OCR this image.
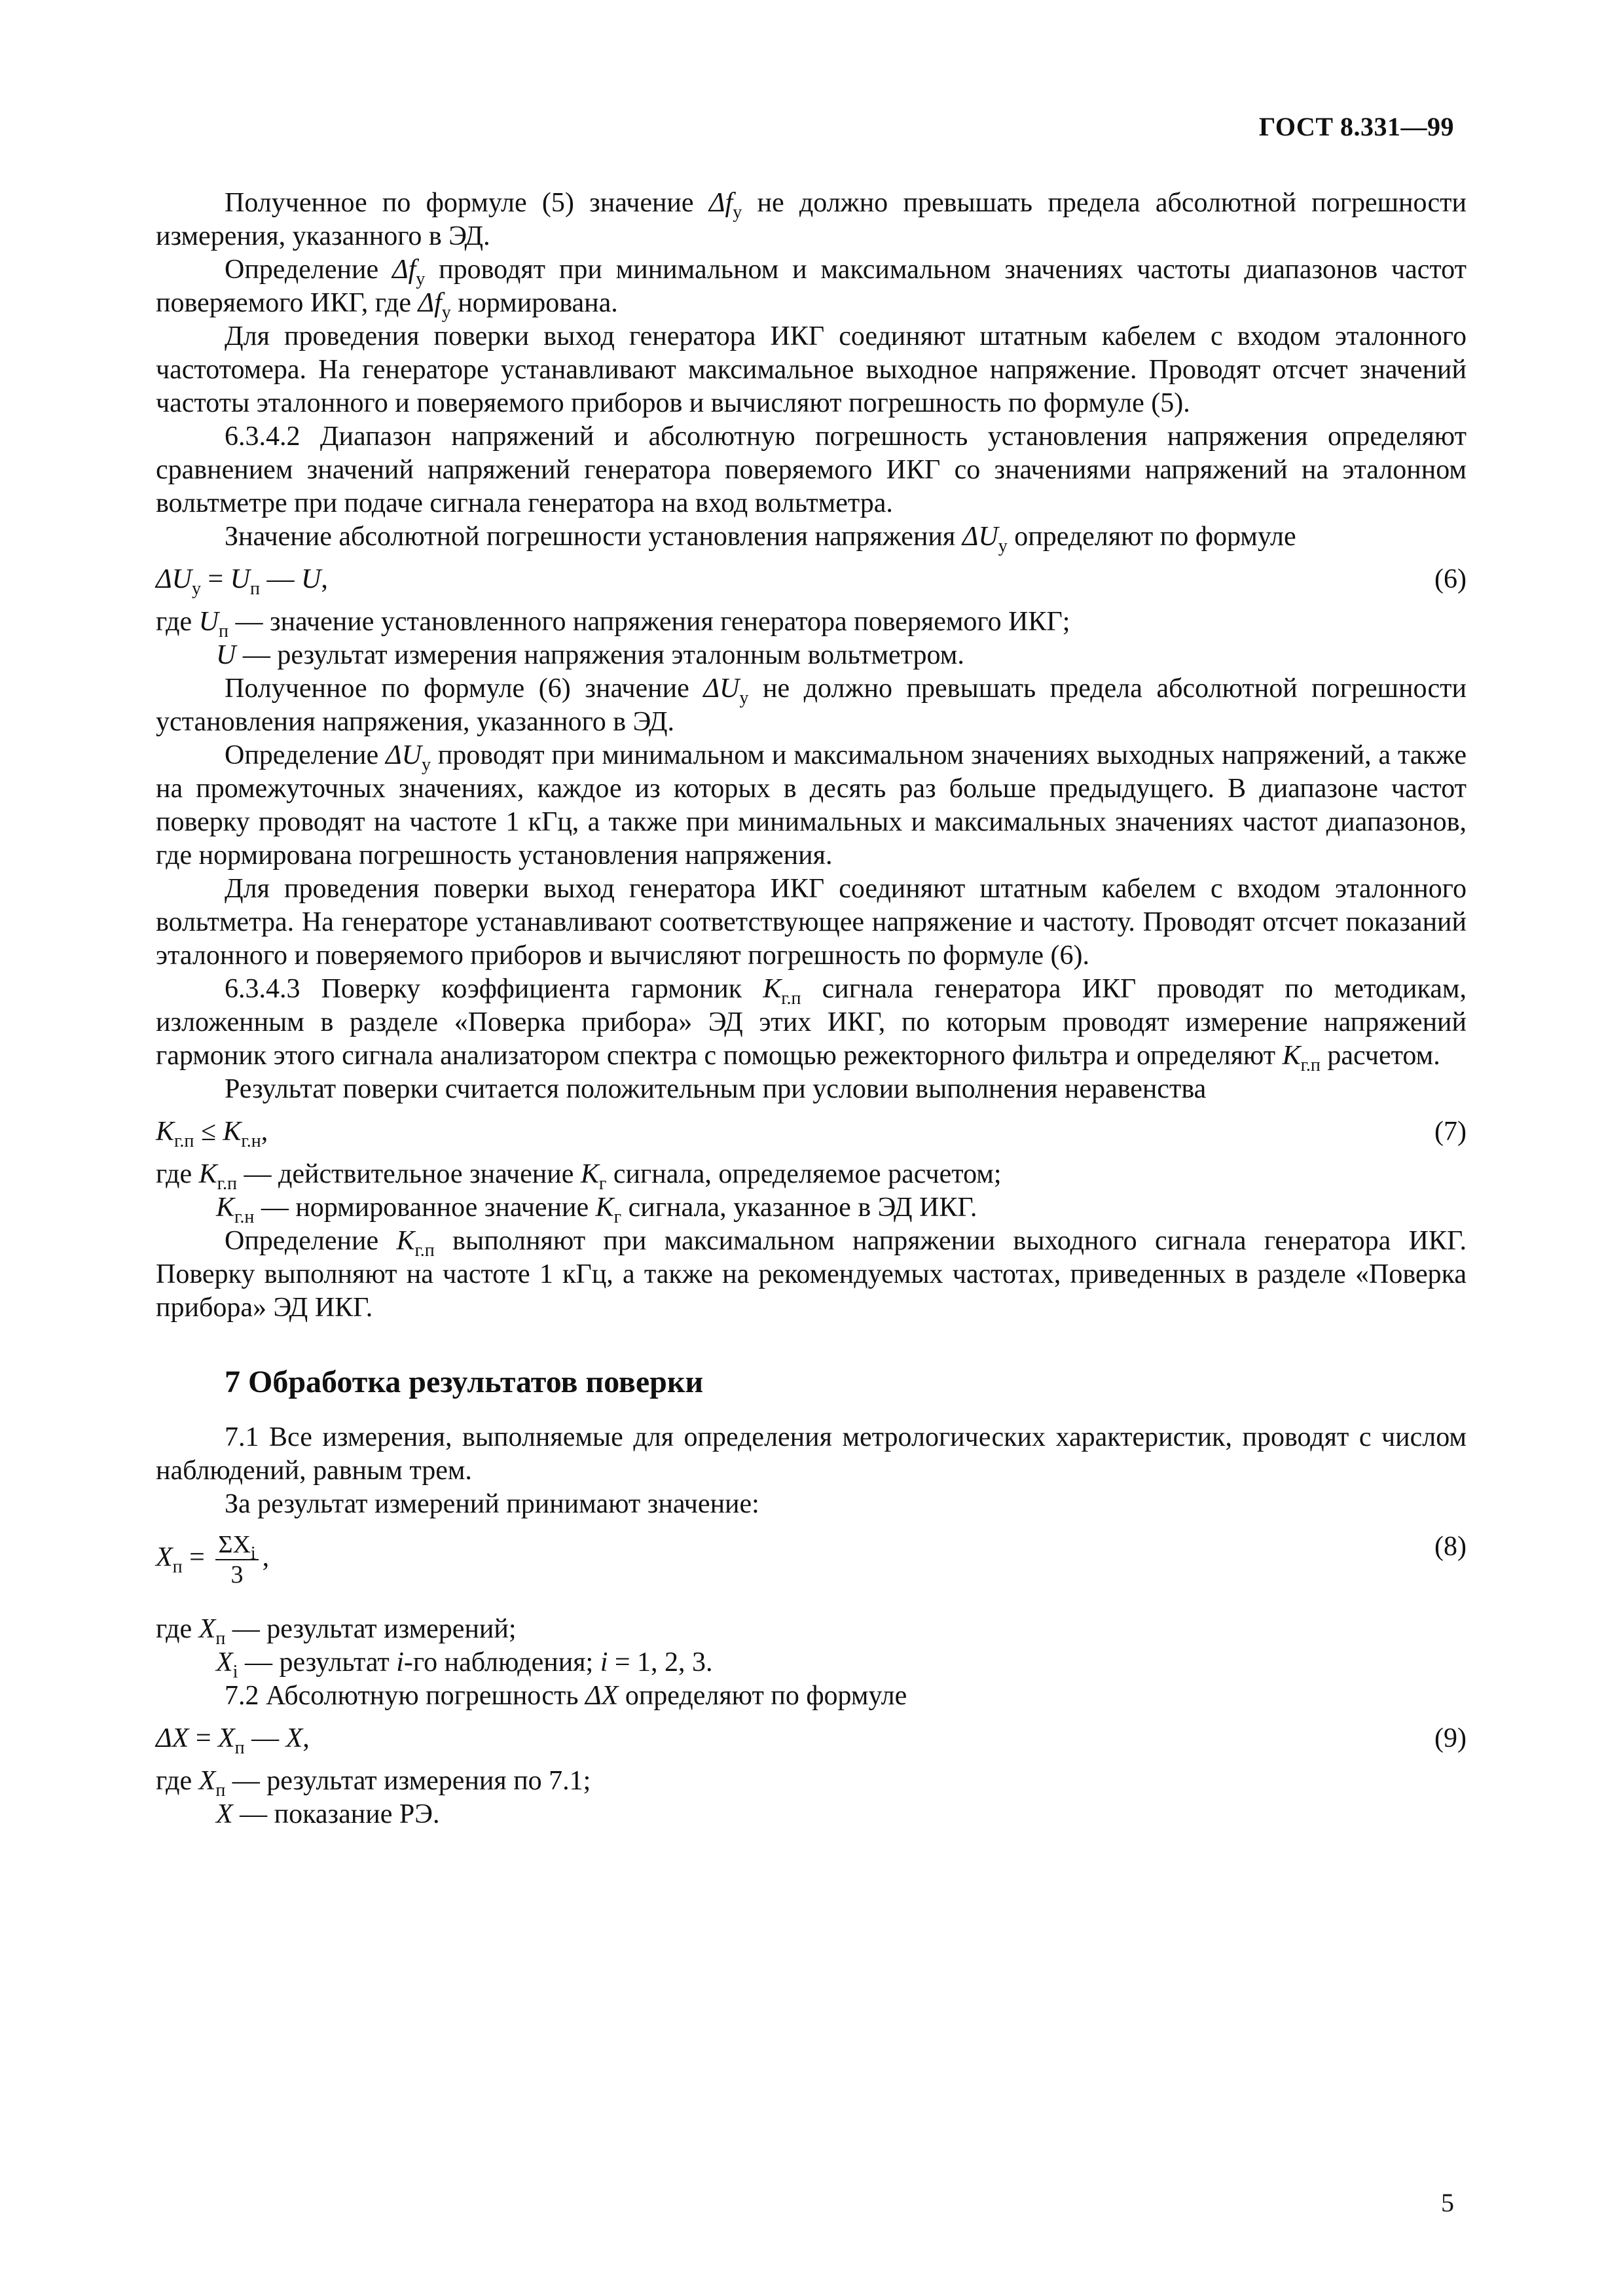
ГОСТ 8.331—99

Полученное по формуле (5) значение $\Delta f_у$ не должно превышать предела абсолютной погрешности измерения, указанного в ЭД.

Определение $\Delta f_у$ проводят при минимальном и максимальном значениях частоты диапазонов частот поверяемого ИКГ, где $\Delta f_у$ нормирована.

Для проведения поверки выход генератора ИКГ соединяют штатным кабелем с входом эталонного частотомера. На генераторе устанавливают максимальное выходное напряжение. Проводят отсчет значений частоты эталонного и поверяемого приборов и вычисляют погрешность по формуле (5).

6.3.4.2 Диапазон напряжений и абсолютную погрешность установления напряжения определяют сравнением значений напряжений генератора поверяемого ИКГ со значениями напряжений на эталонном вольтметре при подаче сигнала генератора на вход вольтметра.

Значение абсолютной погрешности установления напряжения $\Delta U_у$ определяют по формуле

$\Delta U_у = U_п$ — U,	(6)

где $U_п$ — значение установленного напряжения генератора поверяемого ИКГ;

U — результат измерения напряжения эталонным вольтметром.

Полученное по формуле (6) значение $\Delta U_у$ не должно превышать предела абсолютной погрешности установления напряжения, указанного в ЭД.

Определение $\Delta U_у$ проводят при минимальном и максимальном значениях выходных напряжений, а также на промежуточных значениях, каждое из которых в десять раз больше предыдущего. В диапазоне частот поверку проводят на частоте 1 кГц, а также при минимальных и максимальных значениях частот диапазонов, где нормирована погрешность установления напряжения.

Для проведения поверки выход генератора ИКГ соединяют штатным кабелем с входом эталонного вольтметра. На генераторе устанавливают соответствующее напряжение и частоту. Проводят отсчет показаний эталонного и поверяемого приборов и вычисляют погрешность по формуле (6).

6.3.4.3 Поверку коэффициента гармоник $K_{г.п}$ сигнала генератора ИКГ проводят по методикам, изложенным в разделе «Поверка прибора» ЭД этих ИКГ, по которым проводят измерение напряжений гармоник этого сигнала анализатором спектра с помощью режекторного фильтра и определяют $K_{г.п}$ расчетом.

Результат поверки считается положительным при условии выполнения неравенства

$K_{г.п} \le K_{г.н}$,	(7)

где $K_{г.п}$ — действительное значение $K_г$ сигнала, определяемое расчетом;

$K_{г.н}$ — нормированное значение $K_г$ сигнала, указанное в ЭД ИКГ.

Определение $K_{г.п}$ выполняют при максимальном напряжении выходного сигнала генератора ИКГ. Поверку выполняют на частоте 1 кГц, а также на рекомендуемых частотах, приведенных в разделе «Поверка прибора» ЭД ИКГ.

7 Обработка результатов поверки

7.1 Все измерения, выполняемые для определения метрологических характеристик, проводят с числом наблюдений, равным трем.

За результат измерений принимают значение:

$X_п = \frac{\Sigma X_i}{3}$ ,	(8)

где $X_п$ — результат измерений;

$X_i$ — результат i-го наблюдения; i = 1, 2, 3.

7.2 Абсолютную погрешность ΔX определяют по формуле

$\Delta X = X_п$ — X,	(9)

где $X_п$ — результат измерения по 7.1;

X — показание РЭ.

5
